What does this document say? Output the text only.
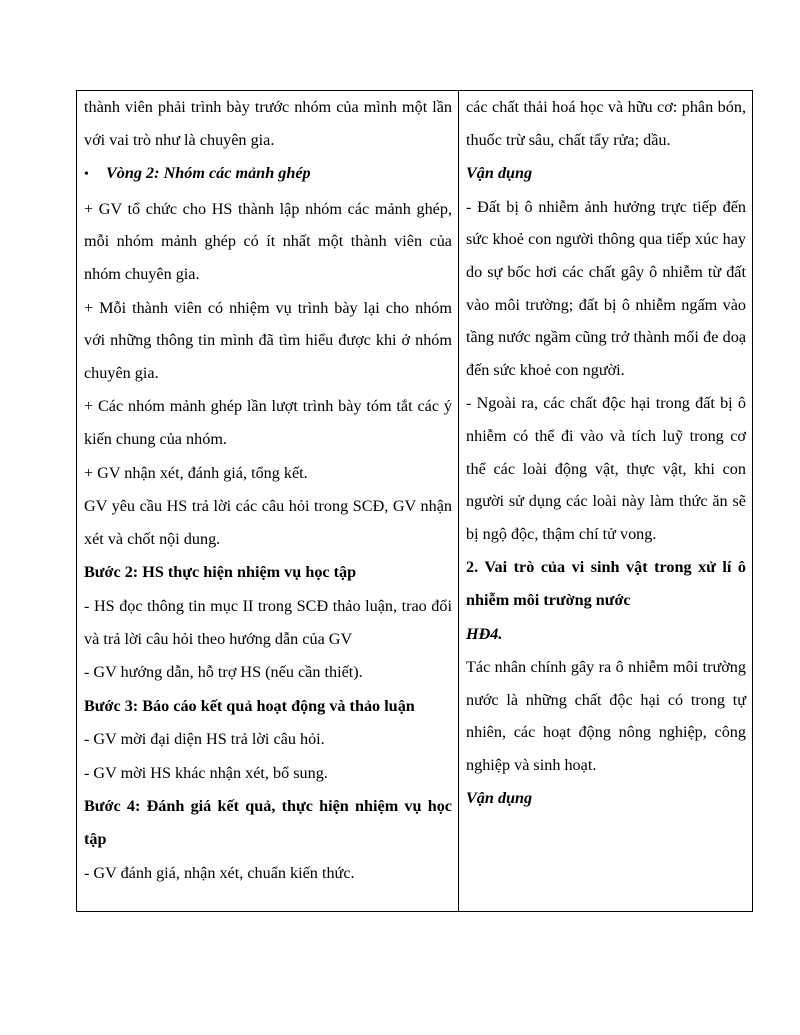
thành viên phải trình bày trước nhóm của mình một lần với vai trò như là chuyên gia.

•	Vòng 2: Nhóm các mảnh ghép

+ GV tổ chức cho HS thành lập nhóm các mảnh ghép, mỗi nhóm mảnh ghép có ít nhất một thành viên của nhóm chuyên gia.

+ Mỗi thành viên có nhiệm vụ trình bày lại cho nhóm với những thông tin mình đã tìm hiểu được khi ở nhóm chuyên gia.

+ Các nhóm mảnh ghép lần lượt trình bày tóm tắt các ý kiến chung của nhóm.

+ GV nhận xét, đánh giá, tổng kết.

GV yêu cầu HS trả lời các câu hỏi trong SCĐ, GV nhận xét và chốt nội dung.

Bước 2: HS thực hiện nhiệm vụ học tập

- HS đọc thông tin mục II trong SCĐ thảo luận, trao đổi và trả lời câu hỏi theo hướng dẫn của GV

- GV hướng dẫn, hỗ trợ HS (nếu cần thiết).

Bước 3: Báo cáo kết quả hoạt động và thảo luận

- GV mời đại diện HS trả lời câu hỏi.

- GV mời HS khác nhận xét, bổ sung.

Bước 4: Đánh giá kết quả, thực hiện nhiệm vụ học tập

- GV đánh giá, nhận xét, chuẩn kiến thức.

các chất thải hoá học và hữu cơ: phân bón, thuốc trừ sâu, chất tẩy rửa; dầu.

Vận dụng

- Đất bị ô nhiễm ảnh hưởng trực tiếp đến sức khoẻ con người thông qua tiếp xúc hay do sự bốc hơi các chất gây ô nhiễm từ đất vào môi trường; đất bị ô nhiễm ngấm vào tầng nước ngầm cũng trở thành mối đe doạ đến sức khoẻ con người.

- Ngoài ra, các chất độc hại trong đất bị ô nhiễm có thể đi vào và tích luỹ trong cơ thể các loài động vật, thực vật, khi con người sử dụng các loài này làm thức ăn sẽ bị ngộ độc, thậm chí tử vong.

2. Vai trò của vi sinh vật trong xử lí ô nhiễm môi trường nước

HĐ4.

Tác nhân chính gây ra ô nhiễm môi trường nước là những chất độc hại có trong tự nhiên, các hoạt động nông nghiệp, công nghiệp và sinh hoạt.

Vận dụng
